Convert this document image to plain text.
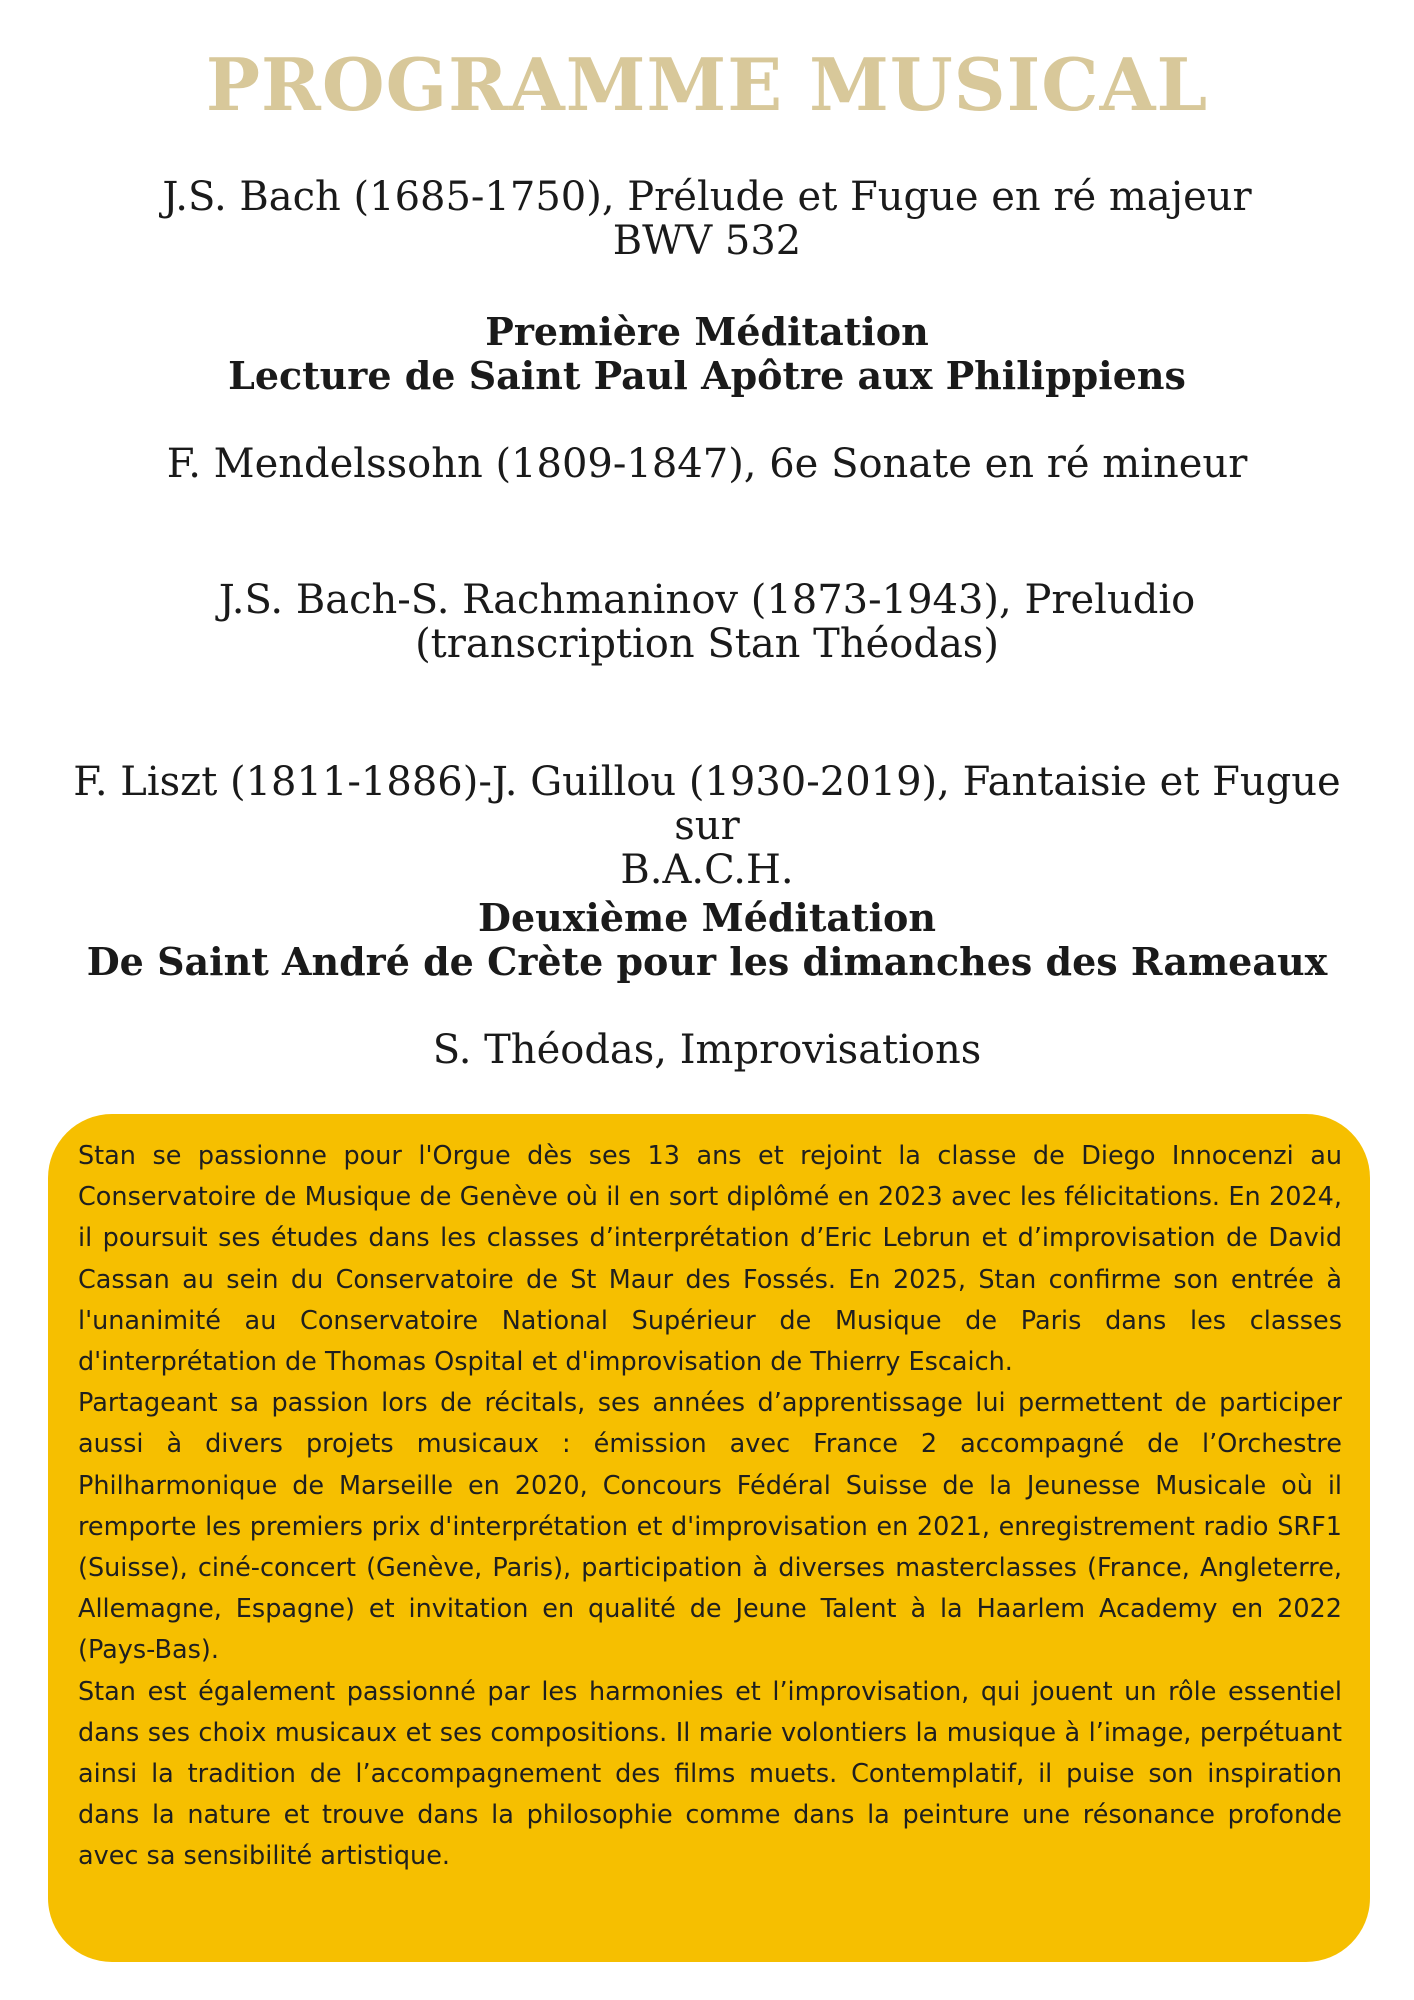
PROGRAMME MUSICAL
J.S. Bach (1685-1750), Prélude et Fugue en ré majeur
BWV 532
Première Méditation
Lecture de Saint Paul Apôtre aux Philippiens
F. Mendelssohn (1809-1847), 6e Sonate en ré mineur
J.S. Bach-S. Rachmaninov (1873-1943), Preludio
(transcription Stan Théodas)
F. Liszt (1811-1886)-J. Guillou (1930-2019), Fantaisie et Fugue sur
B.A.C.H.
Deuxième Méditation
De Saint André de Crète pour les dimanches des Rameaux
S. Théodas, Improvisations

Stan se passionne pour l'Orgue dès ses 13 ans et rejoint la classe de Diego Innocenzi au Conservatoire de Musique de Genève où il en sort diplômé en 2023 avec les félicitations. En 2024, il poursuit ses études dans les classes d’interprétation d’Eric Lebrun et d’improvisation de David Cassan au sein du Conservatoire de St Maur des Fossés. En 2025, Stan confirme son entrée à l'unanimité au Conservatoire National Supérieur de Musique de Paris dans les classes d'interprétation de Thomas Ospital et d'improvisation de Thierry Escaich.

Partageant sa passion lors de récitals, ses années d’apprentissage lui permettent de participer aussi à divers projets musicaux : émission avec France 2 accompagné de l’Orchestre Philharmonique de Marseille en 2020, Concours Fédéral Suisse de la Jeunesse Musicale où il remporte les premiers prix d'interprétation et d'improvisation en 2021, enregistrement radio SRF1 (Suisse), ciné-concert (Genève, Paris), participation à diverses masterclasses (France, Angleterre, Allemagne, Espagne) et invitation en qualité de Jeune Talent à la Haarlem Academy en 2022 (Pays-Bas).

Stan est également passionné par les harmonies et l’improvisation, qui jouent un rôle essentiel dans ses choix musicaux et ses compositions. Il marie volontiers la musique à l’image, perpétuant ainsi la tradition de l’accompagnement des films muets. Contemplatif, il puise son inspiration dans la nature et trouve dans la philosophie comme dans la peinture une résonance profonde avec sa sensibilité artistique.
